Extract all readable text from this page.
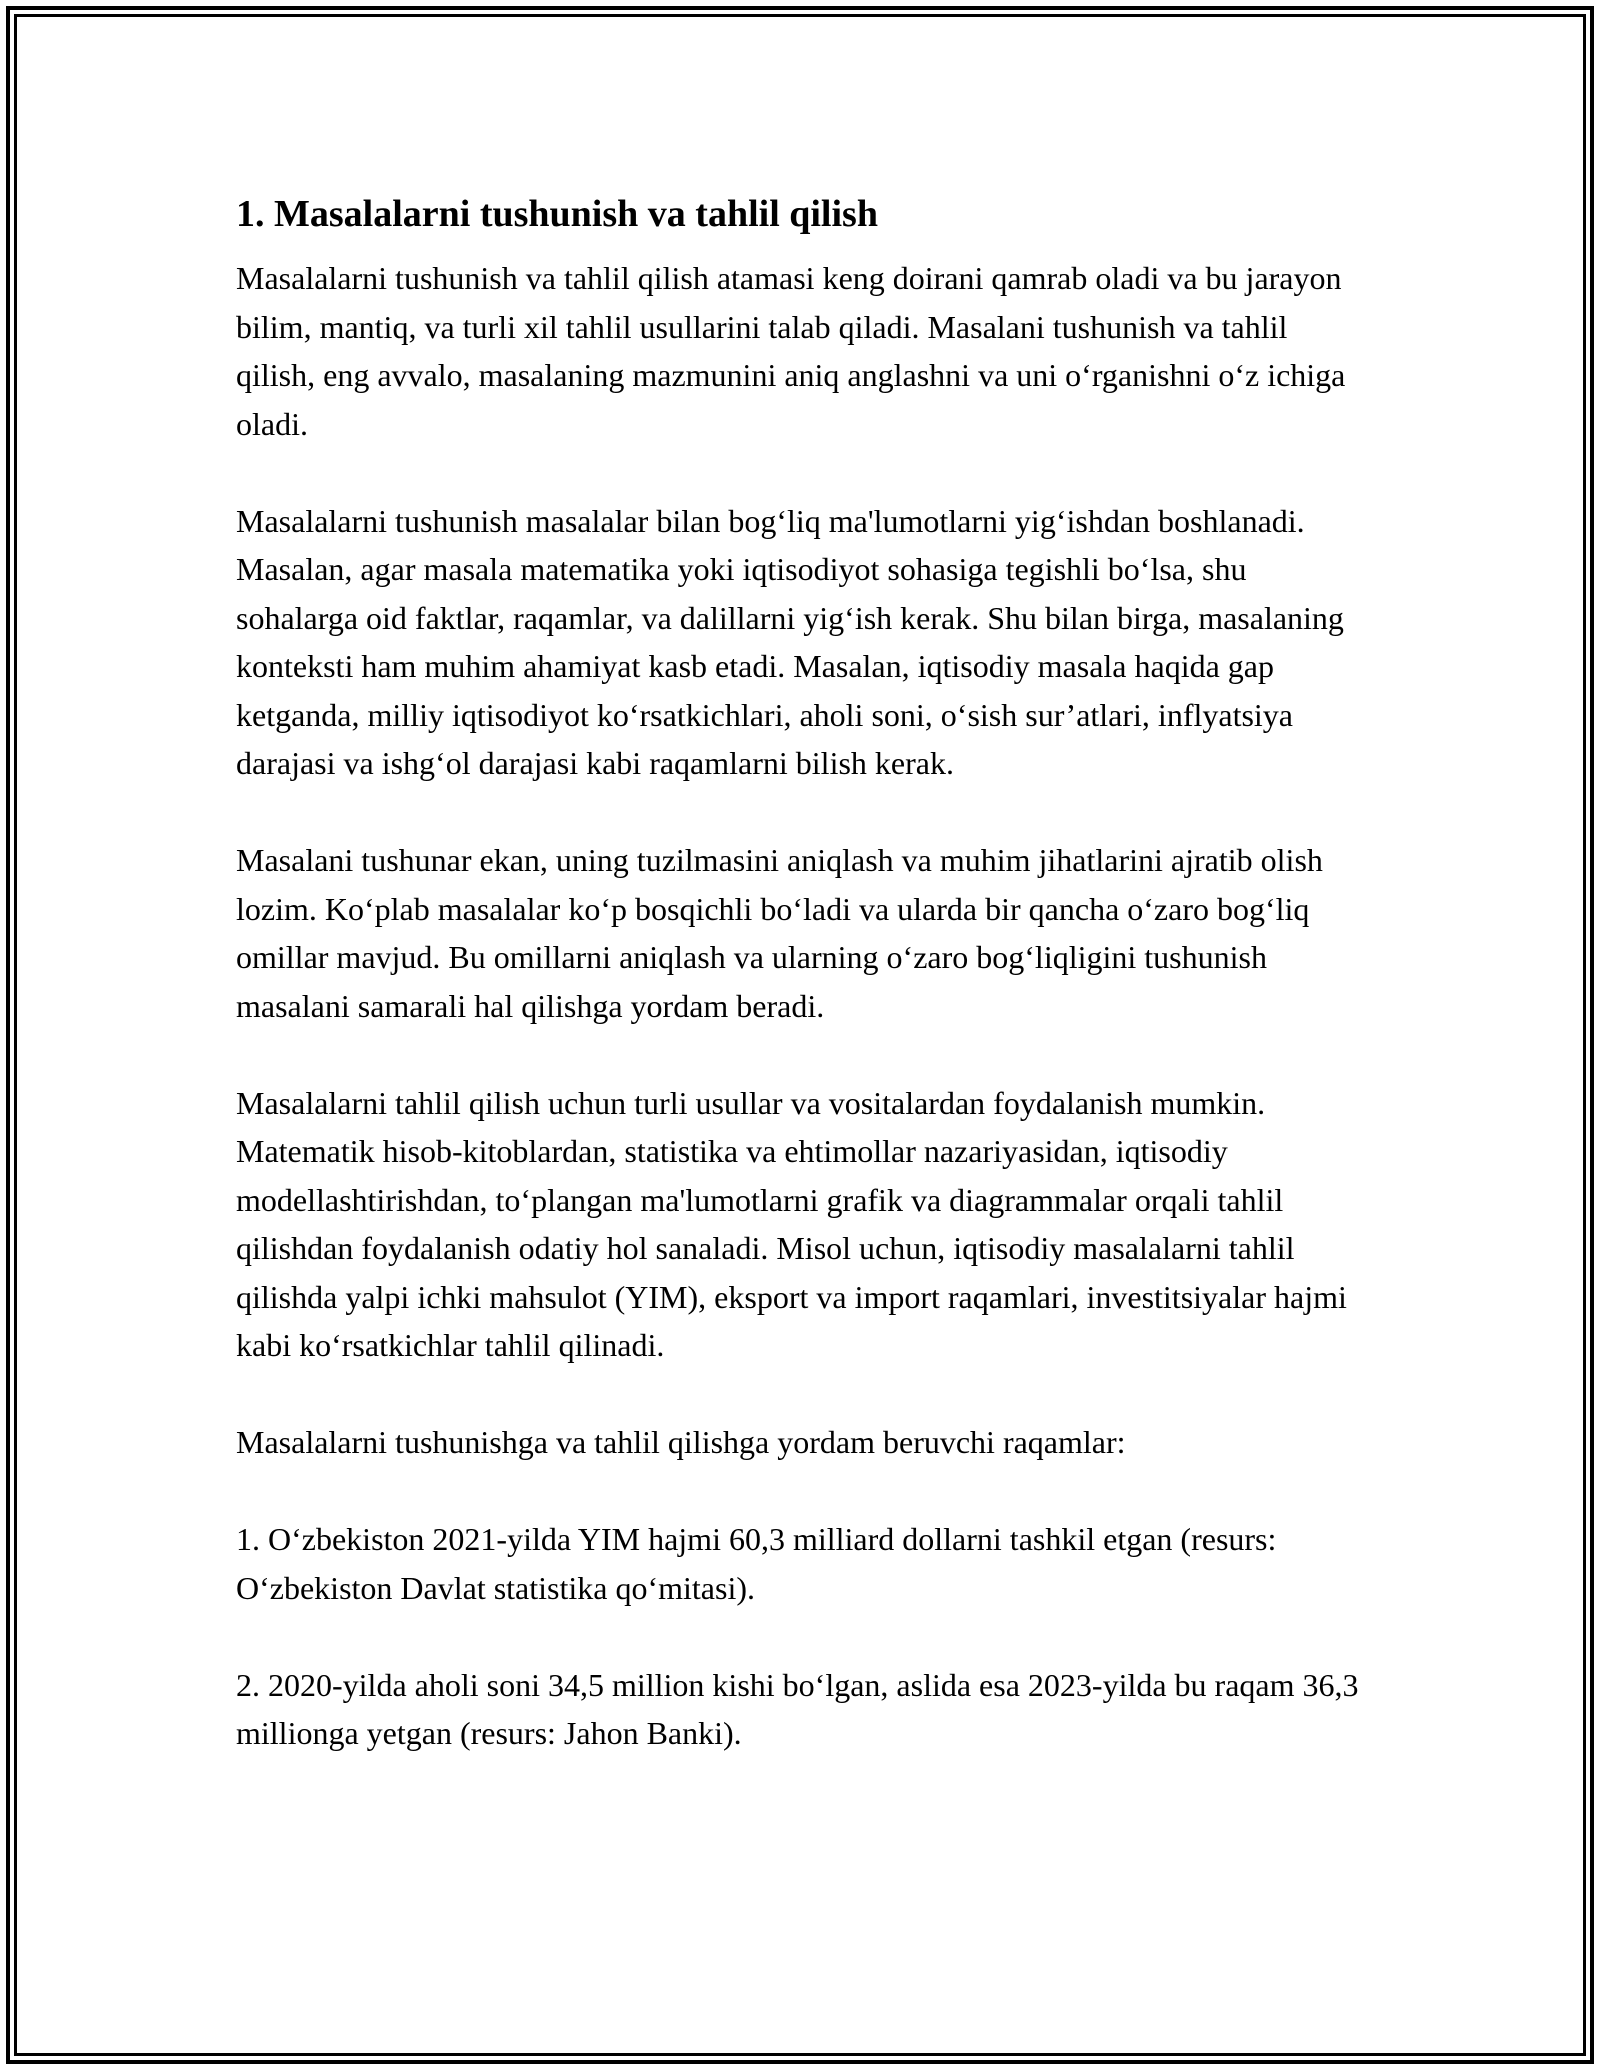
1. Masalalarni tushunish va tahlil qilish

Masalalarni tushunish va tahlil qilish atamasi keng doirani qamrab oladi va bu jarayon bilim, mantiq, va turli xil tahlil usullarini talab qiladi. Masalani tushunish va tahlil qilish, eng avvalo, masalaning mazmunini aniq anglashni va uni o‘rganishni o‘z ichiga oladi.

Masalalarni tushunish masalalar bilan bog‘liq ma'lumotlarni yig‘ishdan boshlanadi. Masalan, agar masala matematika yoki iqtisodiyot sohasiga tegishli bo‘lsa, shu sohalarga oid faktlar, raqamlar, va dalillarni yig‘ish kerak. Shu bilan birga, masalaning konteksti ham muhim ahamiyat kasb etadi. Masalan, iqtisodiy masala haqida gap ketganda, milliy iqtisodiyot ko‘rsatkichlari, aholi soni, o‘sish sur’atlari, inflyatsiya darajasi va ishg‘ol darajasi kabi raqamlarni bilish kerak.

Masalani tushunar ekan, uning tuzilmasini aniqlash va muhim jihatlarini ajratib olish lozim. Ko‘plab masalalar ko‘p bosqichli bo‘ladi va ularda bir qancha o‘zaro bog‘liq omillar mavjud. Bu omillarni aniqlash va ularning o‘zaro bog‘liqligini tushunish masalani samarali hal qilishga yordam beradi.

Masalalarni tahlil qilish uchun turli usullar va vositalardan foydalanish mumkin. Matematik hisob-kitoblardan, statistika va ehtimollar nazariyasidan, iqtisodiy modellashtirishdan, to‘plangan ma'lumotlarni grafik va diagrammalar orqali tahlil qilishdan foydalanish odatiy hol sanaladi. Misol uchun, iqtisodiy masalalarni tahlil qilishda yalpi ichki mahsulot (YIM), eksport va import raqamlari, investitsiyalar hajmi kabi ko‘rsatkichlar tahlil qilinadi.

Masalalarni tushunishga va tahlil qilishga yordam beruvchi raqamlar:

1. O‘zbekiston 2021-yilda YIM hajmi 60,3 milliard dollarni tashkil etgan (resurs: O‘zbekiston Davlat statistika qo‘mitasi).

2. 2020-yilda aholi soni 34,5 million kishi bo‘lgan, aslida esa 2023-yilda bu raqam 36,3 millionga yetgan (resurs: Jahon Banki).
